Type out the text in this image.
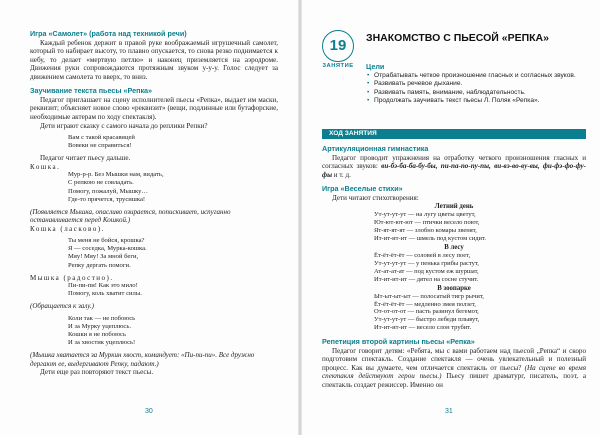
Игра «Самолет» (работа над техникой речи)
Каждый ребенок держит в правой руке воображаемый игрушечный самолет, который то набирает высоту, то плавно опускается, то снова резко поднимается к небу, то делает «мертвую петлю» и наконец приземляется на аэродроме. Движения руки сопровождаются протяжным звуком у-у-у. Голос следует за движением самолета то вверх, то вниз.
Заучивание текста пьесы «Репка»
Педагог приглашает на сцену исполнителей пьесы «Репка», выдает им маски, реквизит; объясняет новое слово «реквизит» (вещи, подлинные или бутафорские, необходимые актерам по ходу спектакля).
Дети играют сказку с самого начала до реплики Репки?
Вам с такой красавицей
Вовеки не справиться!
Педагог читает пьесу дальше.
Кошка.
Мур-р-р. Без Мышки нам, видать,
С репкою не совладать.
Помогу, пожалуй, Мышку…
Где-то прячется, трусишка!
(Появляется Мышка, опасливо озирается, попискивает, испуганно останавливается перед Кошкой.)
Кошка (ласково).
Ты меня не бойся, крошка?
Я — соседка, Мурка-кошка.
Мяу! Мяу! За мной беги,
Репку дергать помоги.
Мышка (радостно).
Пи-пи-пи! Как это мило!
Помогу, коль хватит силы.
(Обращается к залу.)
Коли так — не побоюсь
И за Мурку уцеплюсь.
Кошки я не побоюсь
И за хвостик уцеплюсь!
(Мышка хватается за Муркин хвост, командует: «Пи-пи-пи». Все дружно дергают ее, выдергивают Репку, падают.)
Дети еще раз повторяют текст пьесы.
30
19
ЗАНЯТИЕ
ЗНАКОМСТВО С ПЬЕСОЙ «РЕПКА»
Цели
• Отрабатывать четкое произношение гласных и согласных звуков.
• Развивать речевое дыхание.
• Развивать память, внимание, наблюдательность.
• Продолжать заучивать текст пьесы Л. Поляк «Репка».
ХОД ЗАНЯТИЯ
Артикуляционная гимнастика
Педагог проводит упражнения на отработку четкого произношения гласных и согласных звуков: ви-бэ-ба-ба-бу-бы, пи-па-по-пу-пы, ви-вэ-во-ву-вы, фи-фэ-фо-фу-фы и т. д.
Игра «Веселые стихи»
Дети читают стихотворения:
Летний день
Ут-ут-ут-ут — на лугу цветы цветут,
Ют-ют-ют-ют — птички весело поют,
Ят-ят-ят-ят — злобно комары звенят,
Ит-ит-ит-ит — шмель под кустом сидит.
В лесу
Ёт-ёт-ёт-ёт — соловей в лесу поет,
Ут-ут-ут-ут — у пенька грибы растут,
Ат-ат-ат-ат — под кустом еж шуршат,
Ит-ит-ит-ит — дятел на сосне стучит.
В зоопарке
Ыт-ыт-ыт-ыт — полосатый тигр рычит,
Ёт-ёт-ёт-ёт — медленно змея ползет,
От-от-от-от — пасть разинул бегемот,
Ут-ут-ут-ут — быстро лебеди плывут,
Ит-ит-ит-ит — весело слон трубит.
Репетиция второй картины пьесы «Репка»
Педагог говорит детям: «Ребята, мы с вами работаем над пьесой „Репка“ и скоро подготовим спектакль. Создание спектакля — очень увлекательный и полезный процесс. Как вы думаете, чем отличается спектакль от пьесы? (На сцене во время спектакля действуют герои пьесы.) Пьесу пишет драматург, писатель, поэт, а спектакль создает режиссер. Именно он
31
